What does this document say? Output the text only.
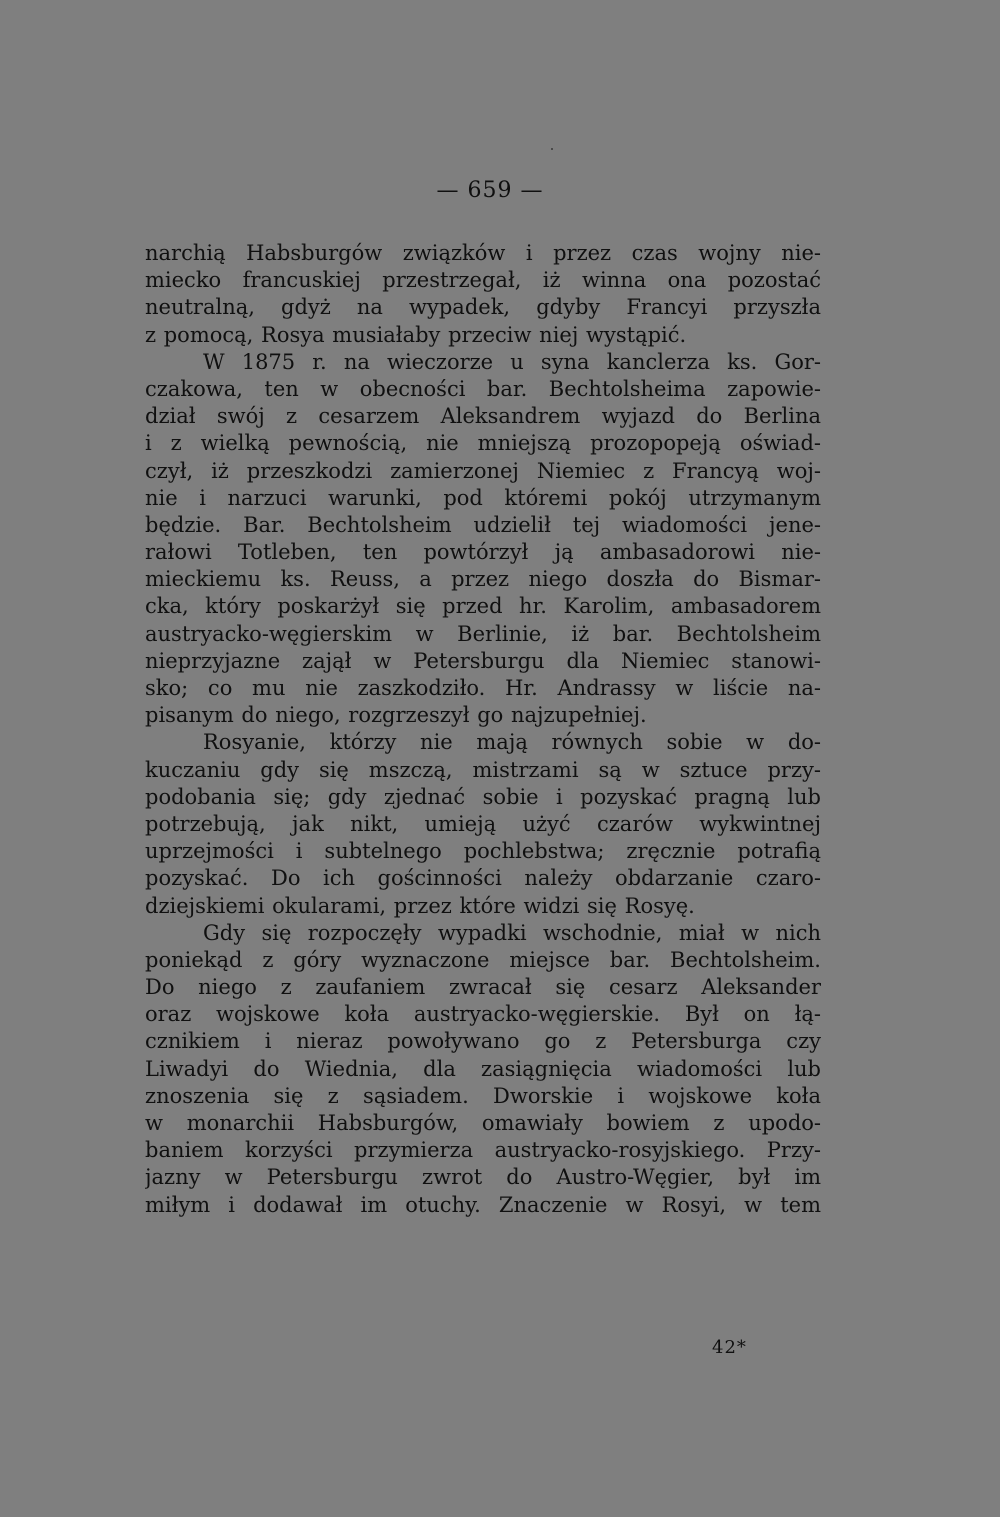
— 659 —
narchią Habsburgów związków i przez czas wojny nie-
miecko francuskiej przestrzegał, iż winna ona pozostać
neutralną, gdyż na wypadek, gdyby Francyi przyszła
z pomocą, Rosya musiałaby przeciw niej wystąpić.
W 1875 r. na wieczorze u syna kanclerza ks. Gor-
czakowa, ten w obecności bar. Bechtolsheima zapowie-
dział swój z cesarzem Aleksandrem wyjazd do Berlina
i z wielką pewnością, nie mniejszą prozopopeją oświad-
czył, iż przeszkodzi zamierzonej Niemiec z Francyą woj-
nie i narzuci warunki, pod któremi pokój utrzymanym
będzie. Bar. Bechtolsheim udzielił tej wiadomości jene-
rałowi Totleben, ten powtórzył ją ambasadorowi nie-
mieckiemu ks. Reuss, a przez niego doszła do Bismar-
cka, który poskarżył się przed hr. Karolim, ambasadorem
austryacko-węgierskim w Berlinie, iż bar. Bechtolsheim
nieprzyjazne zajął w Petersburgu dla Niemiec stanowi-
sko; co mu nie zaszkodziło. Hr. Andrassy w liście na-
pisanym do niego, rozgrzeszył go najzupełniej.
Rosyanie, którzy nie mają równych sobie w do-
kuczaniu gdy się mszczą, mistrzami są w sztuce przy-
podobania się; gdy zjednać sobie i pozyskać pragną lub
potrzebują, jak nikt, umieją użyć czarów wykwintnej
uprzejmości i subtelnego pochlebstwa; zręcznie potrafią
pozyskać. Do ich gościnności należy obdarzanie czaro-
dziejskiemi okularami, przez które widzi się Rosyę.
Gdy się rozpoczęły wypadki wschodnie, miał w nich
poniekąd z góry wyznaczone miejsce bar. Bechtolsheim.
Do niego z zaufaniem zwracał się cesarz Aleksander
oraz wojskowe koła austryacko-węgierskie. Był on łą-
cznikiem i nieraz powoływano go z Petersburga czy
Liwadyi do Wiednia, dla zasiągnięcia wiadomości lub
znoszenia się z sąsiadem. Dworskie i wojskowe koła
w monarchii Habsburgów, omawiały bowiem z upodo-
baniem korzyści przymierza austryacko-rosyjskiego. Przy-
jazny w Petersburgu zwrot do Austro-Węgier, był im
miłym i dodawał im otuchy. Znaczenie w Rosyi, w tem
42*
